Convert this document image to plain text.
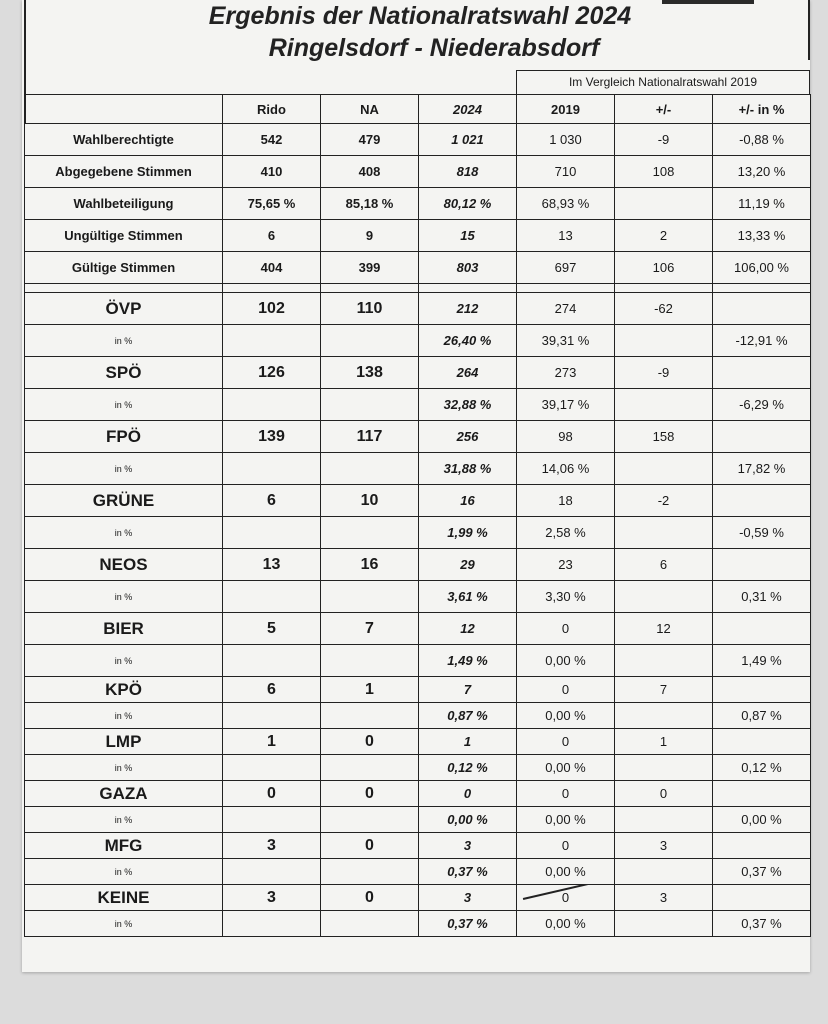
Ergebnis der Nationalratswahl 2024
Ringelsdorf - Niederabsdorf
Im Vergleich Nationalratswahl 2019
	Rido	NA	2024	2019	+/-	+/- in %
Wahlberechtigte	542	479	1 021	1 030	-9	-0,88 %
Abgegebene Stimmen	410	408	818	710	108	13,20 %
Wahlbeteiligung	75,65 %	85,18 %	80,12 %	68,93 %		11,19 %
Ungültige Stimmen	6	9	15	13	2	13,33 %
Gültige Stimmen	404	399	803	697	106	106,00 %

ÖVP	102	110	212	274	-62	
in %			26,40 %	39,31 %		-12,91 %
SPÖ	126	138	264	273	-9	
in %			32,88 %	39,17 %		-6,29 %
FPÖ	139	117	256	98	158	
in %			31,88 %	14,06 %		17,82 %
GRÜNE	6	10	16	18	-2	
in %			1,99 %	2,58 %		-0,59 %
NEOS	13	16	29	23	6	
in %			3,61 %	3,30 %		0,31 %
BIER	5	7	12	0	12	
in %			1,49 %	0,00 %		1,49 %
KPÖ	6	1	7	0	7	
in %			0,87 %	0,00 %		0,87 %
LMP	1	0	1	0	1	
in %			0,12 %	0,00 %		0,12 %
GAZA	0	0	0	0	0	
in %			0,00 %	0,00 %		0,00 %
MFG	3	0	3	0	3	
in %			0,37 %	0,00 %		0,37 %
KEINE	3	0	3	0	3	
in %			0,37 %	0,00 %		0,37 %
